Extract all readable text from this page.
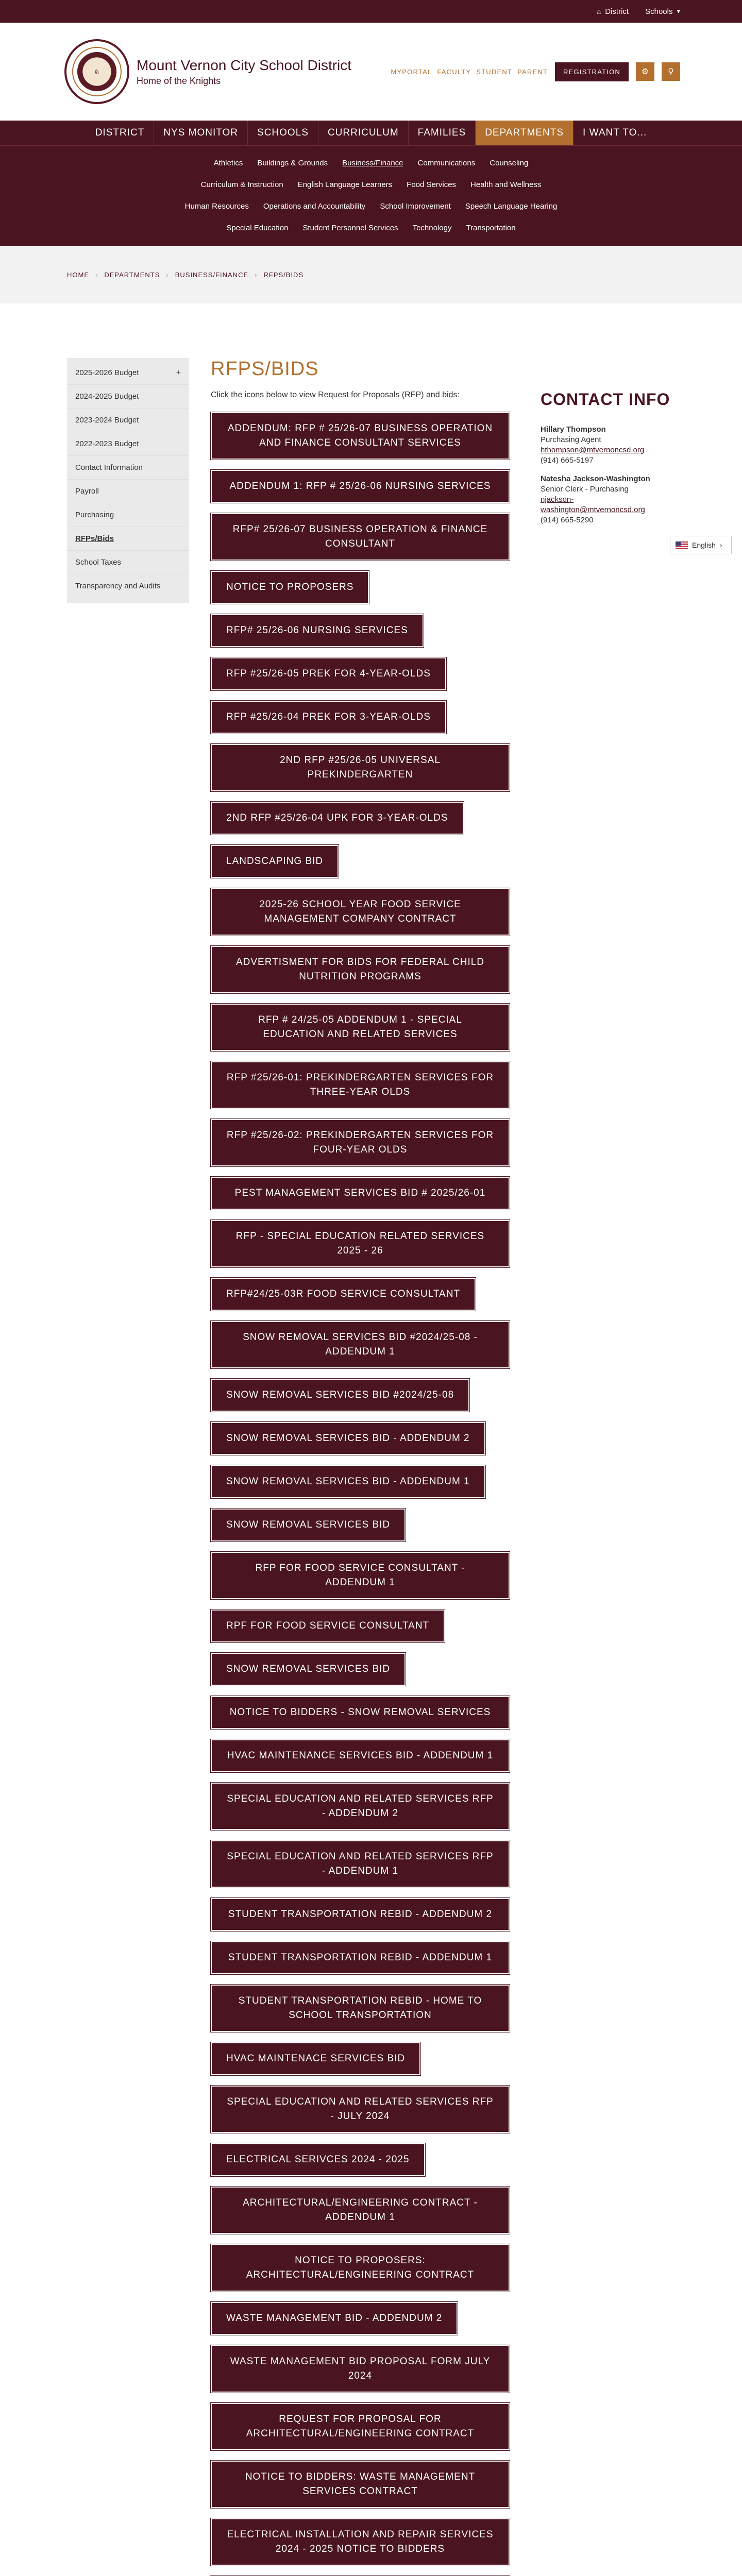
⌂ District Schools ▾
♘	Mount Vernon City School District
Home of the Knights
MYPORTAL FACULTY STUDENT PARENT	REGISTRATION	⚙	⚲
DISTRICT	NYS MONITOR	SCHOOLS	CURRICULUM	FAMILIES	DEPARTMENTS	I WANT TO...
Athletics Buildings & Grounds Business/Finance Communications Counseling
Curriculum & Instruction English Language Learners Food Services Health and Wellness
Human Resources Operations and Accountability School Improvement Speech Language Hearing
Special Education Student Personnel Services Technology Transportation
HOME › DEPARTMENTS › BUSINESS/FINANCE › RFPS/BIDS
2025-2026 Budget	+
2024-2025 Budget
2023-2024 Budget
2022-2023 Budget
Contact Information
Payroll
Purchasing
RFPs/Bids
School Taxes
Transparency and Audits
RFPS/BIDS

Click the icons below to view Request for Proposals (RFP) and bids:

ADDENDUM: RFP # 25/26-07 BUSINESS OPERATION AND FINANCE CONSULTANT SERVICES
ADDENDUM 1: RFP # 25/26-06 NURSING SERVICES
RFP# 25/26-07 BUSINESS OPERATION & FINANCE CONSULTANT
NOTICE TO PROPOSERS
RFP# 25/26-06 NURSING SERVICES
RFP #25/26-05 PREK FOR 4-YEAR-OLDS
RFP #25/26-04 PREK FOR 3-YEAR-OLDS
2ND RFP #25/26-05 UNIVERSAL PREKINDERGARTEN
2ND RFP #25/26-04 UPK FOR 3-YEAR-OLDS
LANDSCAPING BID
2025-26 SCHOOL YEAR FOOD SERVICE MANAGEMENT COMPANY CONTRACT
ADVERTISMENT FOR BIDS FOR FEDERAL CHILD NUTRITION PROGRAMS
RFP # 24/25-05 ADDENDUM 1 - SPECIAL EDUCATION AND RELATED SERVICES
RFP #25/26-01: PREKINDERGARTEN SERVICES FOR THREE-YEAR OLDS
RFP #25/26-02: PREKINDERGARTEN SERVICES FOR FOUR-YEAR OLDS
PEST MANAGEMENT SERVICES BID # 2025/26-01
RFP - SPECIAL EDUCATION RELATED SERVICES 2025 - 26
RFP#24/25-03R FOOD SERVICE CONSULTANT
SNOW REMOVAL SERVICES BID #2024/25-08 - ADDENDUM 1
SNOW REMOVAL SERVICES BID #2024/25-08
SNOW REMOVAL SERVICES BID - ADDENDUM 2
SNOW REMOVAL SERVICES BID - ADDENDUM 1
SNOW REMOVAL SERVICES BID
RFP FOR FOOD SERVICE CONSULTANT - ADDENDUM 1
RPF FOR FOOD SERVICE CONSULTANT
SNOW REMOVAL SERVICES BID
NOTICE TO BIDDERS - SNOW REMOVAL SERVICES
HVAC MAINTENANCE SERVICES BID - ADDENDUM 1
SPECIAL EDUCATION AND RELATED SERVICES RFP - ADDENDUM 2
SPECIAL EDUCATION AND RELATED SERVICES RFP - ADDENDUM 1
STUDENT TRANSPORTATION REBID - ADDENDUM 2
STUDENT TRANSPORTATION REBID - ADDENDUM 1
STUDENT TRANSPORTATION REBID - HOME TO SCHOOL TRANSPORTATION
HVAC MAINTENACE SERVICES BID
SPECIAL EDUCATION AND RELATED SERVICES RFP - JULY 2024
ELECTRICAL SERIVCES 2024 - 2025
ARCHITECTURAL/ENGINEERING CONTRACT - ADDENDUM 1
NOTICE TO PROPOSERS: ARCHITECTURAL/ENGINEERING CONTRACT
WASTE MANAGEMENT BID - ADDENDUM 2
WASTE MANAGEMENT BID PROPOSAL FORM JULY 2024
REQUEST FOR PROPOSAL FOR ARCHITECTURAL/ENGINEERING CONTRACT
NOTICE TO BIDDERS: WASTE MANAGEMENT SERVICES CONTRACT
ELECTRICAL INSTALLATION AND REPAIR SERVICES 2024 - 2025 NOTICE TO BIDDERS
CONTACT INFO
Hillary Thompson
Purchasing Agent
hthompson@mtvernoncsd.org
(914) 665-5197
Natesha Jackson-Washington
Senior Clerk - Purchasing
njackson-washington@mtvernoncsd.org
(914) 665-5290
English ›
